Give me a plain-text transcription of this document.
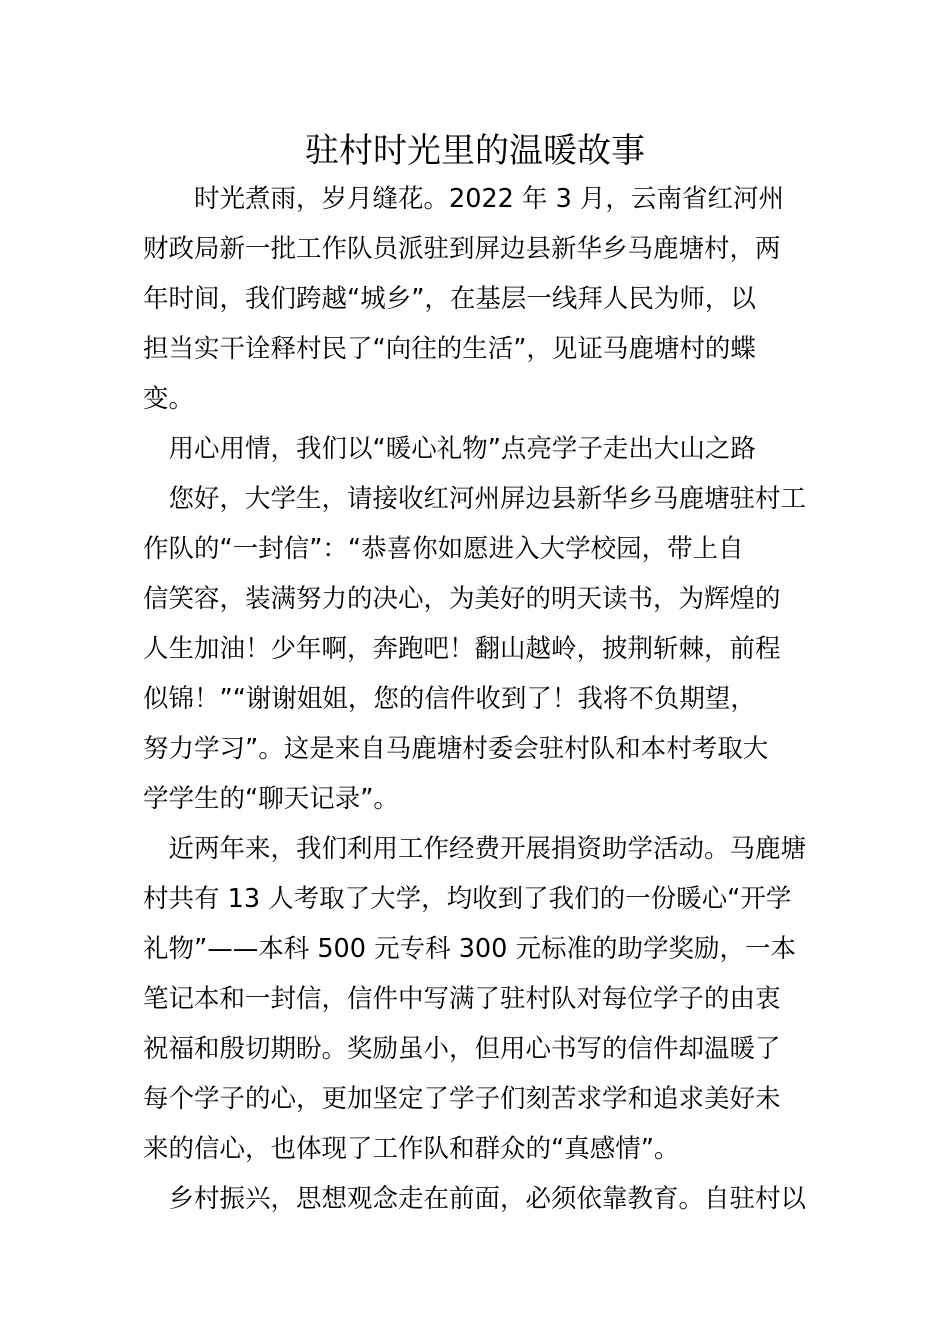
驻村时光里的温暖故事
　　时光煮雨，岁月缝花。2022 年 3 月，云南省红河州
财政局新一批工作队员派驻到屏边县新华乡马鹿塘村，两
年时间，我们跨越“城乡”，在基层一线拜人民为师，以
担当实干诠释村民了“向往的生活”，见证马鹿塘村的蝶
变。
　用心用情，我们以“暖心礼物”点亮学子走出大山之路
　您好，大学生，请接收红河州屏边县新华乡马鹿塘驻村工
作队的“一封信”：“恭喜你如愿进入大学校园，带上自
信笑容，装满努力的决心，为美好的明天读书，为辉煌的
人生加油！少年啊，奔跑吧！翻山越岭，披荆斩棘，前程
似锦！”“谢谢姐姐，您的信件收到了！我将不负期望，
努力学习”。这是来自马鹿塘村委会驻村队和本村考取大
学学生的“聊天记录”。
　近两年来，我们利用工作经费开展捐资助学活动。马鹿塘
村共有 13 人考取了大学，均收到了我们的一份暖心“开学
礼物”——本科 500 元专科 300 元标准的助学奖励，一本
笔记本和一封信，信件中写满了驻村队对每位学子的由衷
祝福和殷切期盼。奖励虽小，但用心书写的信件却温暖了
每个学子的心，更加坚定了学子们刻苦求学和追求美好未
来的信心，也体现了工作队和群众的“真感情”。
　乡村振兴，思想观念走在前面，必须依靠教育。自驻村以
